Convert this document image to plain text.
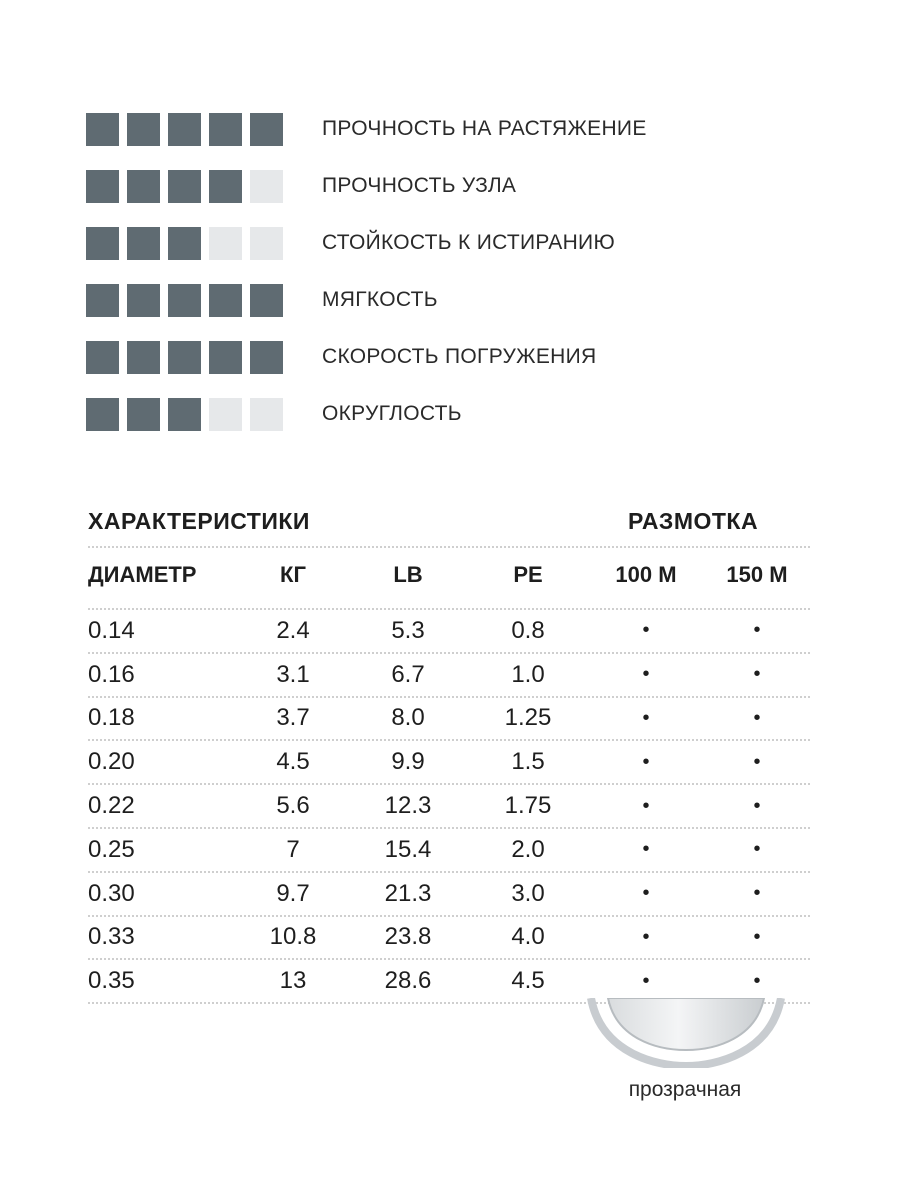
ПРОЧНОСТЬ НА РАСТЯЖЕНИЕ
ПРОЧНОСТЬ УЗЛА
СТОЙКОСТЬ К ИСТИРАНИЮ
МЯГКОСТЬ
СКОРОСТЬ ПОГРУЖЕНИЯ
ОКРУГЛОСТЬ
ХАРАКТЕРИСТИКИ	РАЗМОТКА
ДИАМЕТР	КГ	LB	PE	100 М	150 М
0.14	2.4	5.3	0.8	•	•
0.16	3.1	6.7	1.0	•	•
0.18	3.7	8.0	1.25	•	•
0.20	4.5	9.9	1.5	•	•
0.22	5.6	12.3	1.75	•	•
0.25	7	15.4	2.0	•	•
0.30	9.7	21.3	3.0	•	•
0.33	10.8	23.8	4.0	•	•
0.35	13	28.6	4.5	•	•
прозрачная
